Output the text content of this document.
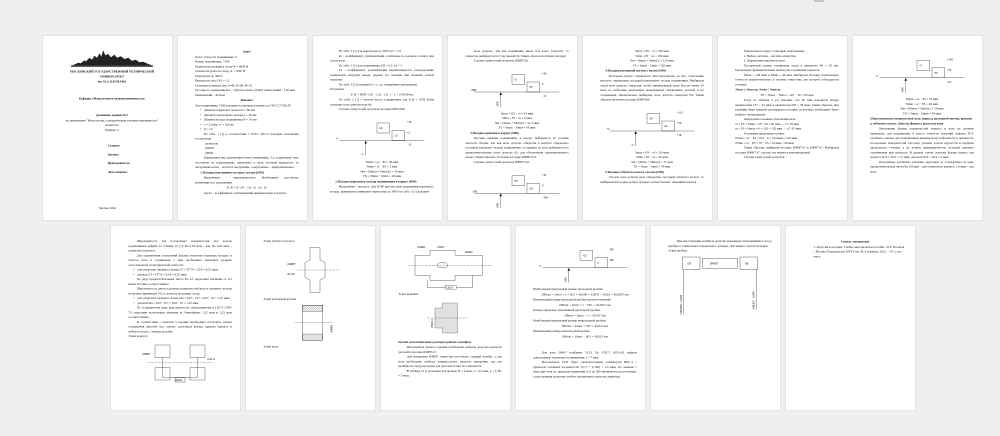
МОСКОВСКИЙ ГОСУДАРСТВЕННЫЙ ТЕХНИЧЕСКИЙ УНИВЕРСИТЕТ
им. Н.Э. БАУМАНА
Кафедра «Метрология и взаимозаменяемость»
Домашнее задание №1
по дисциплине "Метрология, стандартизация и взаимозаменяемость"
Задача №1
Вариант 6
Студент:
Группа:
Преподаватель:
Дата защиты:
Москва 2024
Дано:
Класс точности подшипника: 0
Номер подшипника: 7208
Радиальная реакция в опоре R = 6000 Н
Осевая нагрузка на опору A = 1000 Н
Перегрузка до 300%
Вращается: вал; D/d = 1,5
Основные размеры, мм: d=40; D=80; B=18
Посадка в соединении вал – зубчатое колесо (Ø40): наибольший – 120 мкм
наименьший – 40 мкм
Решение:
Для подшипника 7208 находим посадочные размеры по ГОСТ 27365-87
• Диаметр наружного кольца D = 80 мм
• Диаметр внутреннего кольца d = 40 мм
• Ширина кольца подшипника B = 18 мм
• r = 2,0 мм; r1 = 0,8 мм
• β = 12°
По табл. 1 [1] в соответствии с ГОСТ 520-71 находим отклонения посадочных
размеров:
Ø40L0
Ø80l0
Определяем вид нагружения колец подшипника. Т.к. радиальная сила постоянна по направлению, приложена к валу, который вращается, то нагружение колец – местное нагружение, а внутреннее – циркуляционное.
1.Посадка внутреннего кольца с валом (Ø40)
Нагружение – циркуляционное. Необходимо рассчитать интенсивность нагружения:
P_R = R / (B − 2r) · k1 · k2 · k3
где k1 – коэффициент, учитывающий динамическую нагрузку
По табл. 5 [1] для перегрузки до 300% k1 = 1,8
k2 – коэффициент, учитывающий ослабление посадочного натяга при полом вале.
По табл. 5 [1] для подшипника d/D = 0,5: k2 = 1
k3 – коэффициент, учитывающий неравномерность распределения радиальной нагрузки между рядами тел качения при наличии осевой нагрузки.
По табл. 5 [1] находим k3 = 1, т.к. подшипник однорядный.
Получаем:
P_R = 6000 / (18 − 2·2) · 1,8 · 1 · 1 = 1058 Н/мм
По табл. 2 [1] с учетом класса подшипника для P_R = 1058 Н/мм подходит поле допуска вала k6.
Строим схему полей допусков посадки Ø40L0/k6:
k6
L0
+18
+2
−12
0
0
Nmax = es − EI = 30 мкм
Nmin = ei − ES = 2 мкм
Nm = (Nmax + Nmin)/2 = 16 мкм
TN = Nmax − Nmin = 28 мкм
2.Посадка наружного кольца подшипника в корпус (Ø80)
Нагружение – местное. Для D=80 при местном нагружении наружного кольца, принимая во внимание перегрузку до 300% по табл. 3 [1] находим
поле допуска. Так как подшипник имеет 0-й класс точности, то отверстие выбирается по 7-му квалитету. Таким образом получаем посадку:
Строим схему полей допусков Ø80H7/l0:
l0
H7
+30
0
−13
Ø80
Ø80
Smax = ES − ei = 43 мкм
Smin = EI − es = 0 мкм
Sm = (Smax + Smin)/2 = 21,5 мкм
TS = Smax − Smin = 43 мкм
3.Посадка крышки в корпус (Ø80)
Посадка крышки подшипника в корпус выбирается из условия легкости сборки. Так как поле допуска отверстия в корпусе определено посадкой наружного кольца подшипника, то крышка на валу выбирается по предпочтительному полю допуска d11 для обеспечения гарантированного зазора. Таким образом, получаем посадку Ø80H7/d11.
Строим схему полей допусков Ø80H7/d11:
H7
d11
+30
0
−100
−290
Ø80
Smax = ES − ei = 320 мкм
Smin = EI − es = 100 мкм
Sm = (Smax + Smin)/2 = 210 мкм
TS = Smax − Smin = 220 мкм
4.Посадка распорной втулки с валом (Ø40)
Распорная втулка сопрягается непосредственно на вал, отклонения которого определены посадкой внутреннего кольца подшипника. Выбираем такой поле допуска отверстия, чтобы минимальный зазор был не менее 10 мкм, но избегание монтажных повреждений сопрягаемых деталей и их сопряжения. Окончательно выбираем поле допуска отверстия E9. Таким образом получаем посадку Ø40E9/k6.
E9
k6
+112
+50
+18
+2
0
Smax = ES − ei = 110 мкм
Smin = EI − es = 32 мкм
Sm = (Smax + Smin)/2 = 71 мкм
TS = Smax − Smin = 78 мкм
5.Посадка зубчатого колеса с валом (Ø40)
Так как поле допуска вала определено посадкой зубчатого колеса, то выбираемой посадке допуск должен соответствовать значениям натягов.
Определим посадку с помощью номограммы:
1. Выбор системы – система отверстия
2. Определение квалитета вала
Посадочный размер соединения задан в диапазоне 40 ÷ 50 мм. Предельные функциональные натяги для соединения задаются:
Nmax = 120 мкм и Nmin = 40 мкм. Выбираем посадку, назначаемую точности предпочтительно в системе отверстия, для которой соблюдаются условия:
Nmax ≥ Nmax.т; Nmin ≤ Nmin.т
TN = Nmax − Nmin = 120 − 40 = 80 мкм
Тогда по таблице 4 [1] находим, что 39 мкм находится между квалитетами IT7 = 25 мкм и квалитетом IT8 = 39 мкм. Таким образом, при решении будет найдена для варианта посадки, из которых необходимо будет выбрать оптимальный.
Определим основные отклонения вала:
ei ≥ ES + Nmin = 25 + 40 = 65 мкм → s7: 79 мкм
es ≤ EI + Nmax = 0 + 120 = 120 мкм → u7: 95 мкм
Установим предельные натяги:
N'max = es − EI = 104 − 0 = 104 мкм ≤ 120 мкм
N'min = ei − ES = 79 − 25 = 54 мкм ≥ 40 мкм
Таким образом, выбираем посадку Ø40H7/s7 и Ø40H7/u7. Выбираем посадку Ø40H7/s7, так как она является рекомендуемой.
Строим схему полей допусков:
s7
H7
+104
+79
+25
0
Ø40
Nmax = es − EI = 79 мкм
Nmin = ei − ES = 40 мкм
Nm = (Nmax + Nmin)/2 = 59 мкм
TN = Nmax − Nmin = 39 мкм
Шероховатость поверхностей вала, корпуса, распорной втулки, крышки и зубчатого колеса. Допуски формы и расположения
Отклонения формы поверхностей корпуса и вала не должны превышать для подшипника 0 класса точности значений, равных IT/4. Особенно опасны для подшипников качения конусообразность и овальность посадочных поверхностей. Поэтому уровень допуск круглости и профиля продольного сечения, а не допуск цилиндричности, который заменяет ограничения при контроле. В данном случае допуски формы равны: для корпуса IT/4 = 30/4 = 7,5 мкм; для вала IT/4 = 16/4 = 4 мкм.
Полученные расчётные значения округляем до стандартных по ряду предпочтительных чисел Ra 0,8 мкм – для отверстия в корпусе, 1,6 мкм – для вала.
Шероховатость для посадочных поверхностей под кольца подшипников найдём по таблице 10 [1]: Ra 0,63 мкм – вал, Ra 0,63 мкм – отверстие в корпусе.
Для ограничения отклонений формы отверстия торцевых кольцах и участок вала в соединении с ним необходимо назначить уровень относительной геометрической точности:
• для отверстия торцевого кольца IT = IT7/4 = 25/4 = 6,25 мкм;
• для вала IT = IT7/4 = 25/4 = 6,25 мкм.
По ряду предпочтительных чисел Ra 0,5 округляем значения до 6,3 мкм и 6,3 мкм соответственно.
Шероховатость для посадочных поверхностей вала и торцевого кольца на уровне принимаем 5% от допуска на размер, тогда:
• для отверстия торцевого кольца Ra ≤ 0,05 · IT7 = 0,05 · 25 = 1,25 мкм;
• для вала Ra ≤ 0,05 · IT7 = 0,05 · 25 = 1,25 мкм.
По стандартному ряду шероховатости, определяемому в ГОСТ 2789-73, округляем полученные значения до ближайших: 1,25 мкм и 1,25 мкм соответственно.
В соответствии с пунктом 3 задания необходимо построить эскизы сопряжения деталей: вал, корпус, распорная втулка, крышка корпуса и зубчатое колесо. Эскизы деталей:
Эскиз корпуса:
Ø80H7
0,02 A
Ø0,02
Эскиз зубчатого колеса:
Ø40H7
Ra 0,8
Эскиз распорной втулки:
Ø40E9
Эскиз вала:
Ø40k6 Ø40s7
Ø40k6
0,02 A
Эскиз крышки:
Ø80d11
Расчет исполнительных размеров рабочих калибров
Исполнитель данного задания необходимо выбрать средства контроля деталей в посадке Ø40H7/s7.
Для измерения Ø40H7 отверстия рассчитать гладкий калибр, а для вала необходимо выбрать универсальное средство измерения, так как калибры не предусмотрены для деталей точнее 6-го квалитета.
В таблице 13 [1] находим для пробки: H = 4 мкм, z = 3,5 мкм, y = 3; H1 = 3 мкм.
+25
0
ПР
НЕ
0
Ø40
Наибольший предельный размер проходной пробки:
ПРmax = Dmin + z + H/2 = 40,000 + 0,0035 + 0,002 = 40,0055 мм
Наименьший размер проходной пробки при изготовлении:
ПРmin = Dmin + z − H/2 = 40,0015 мм
Размер предельно изношенной проходной пробки:
ПРизн = Dmin − y = 39,997 мм
Наибольший предельный размер непроходной пробки:
НЕmax = Dmax + H/2 = 40,027 мм
Наименьший размер непроходной пробки:
НЕmin = Dmax − H/2 = 40,023 мм
Для вала Ø40s7 подберём УСИ. По ГОСТ 8.051-81 найдём допускаемую погрешность измерения: δ = 7 мкм.
Исполнитель УСИ будет горизонтальным оптиметром ИКГ-3 с пределом основной погрешности ±(1,5 + L/100) = 1,9 мкм, что меньше 7 мкм, при этом его диапазон измерений от 0 до 200 мм является достаточным, а конструкция позволяет удобно производить контроль диаметра.
При изготовлении калибров допуски указываем отклонениями в теле у пробки от наибольшего предельного размера. Для нашего случая получим:
Эскиз пробки:
Ø40H7
ПР	НЕ
Ø40,0055 −0,004	Ø40,027 −0,004
Список литературы
1. Допуски и посадки: Учебно-методическое пособие / К.Г. Потапов. – Москва: Издательство МГТУ им. Н.Э. Баумана, 2021. – 47 с.: ил. – текст.
